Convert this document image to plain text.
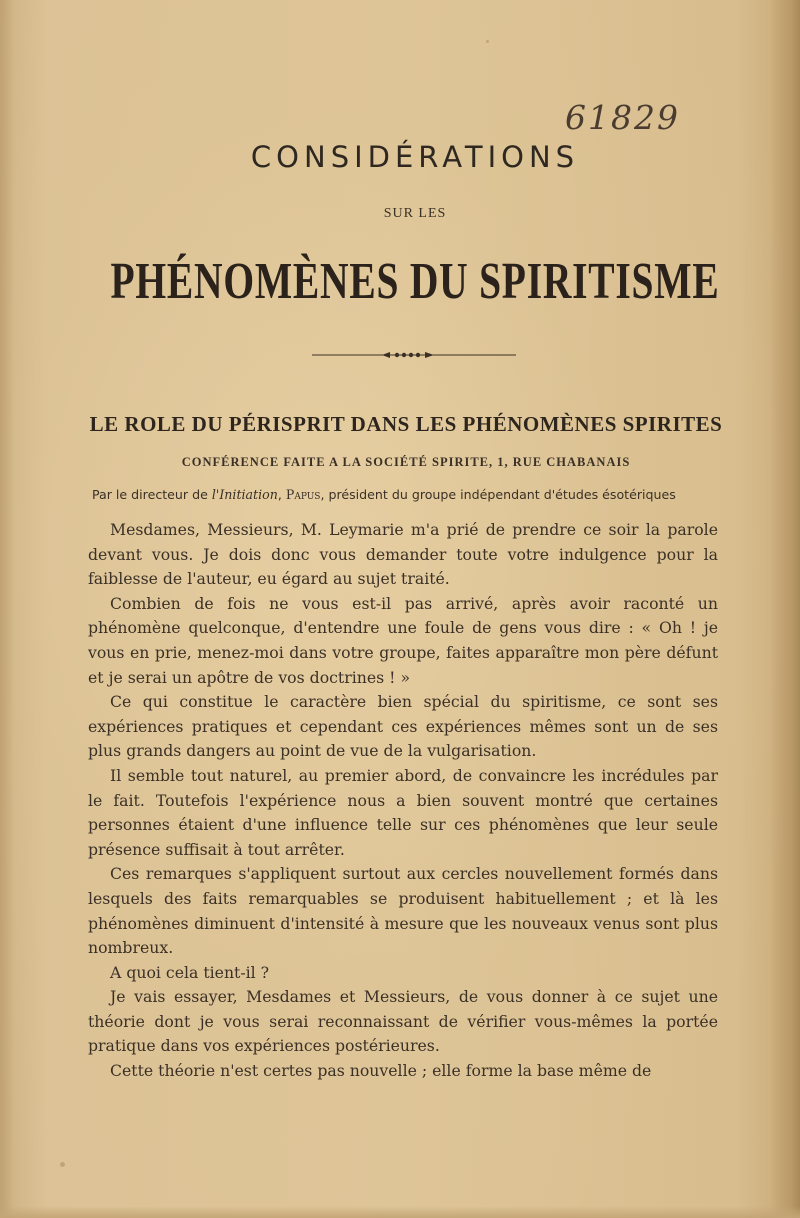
61829
CONSIDÉRATIONS
SUR LES
PHÉNOMÈNES DU SPIRITISME
LE ROLE DU PÉRISPRIT DANS LES PHÉNOMÈNES SPIRITES
CONFÉRENCE FAITE A LA SOCIÉTÉ SPIRITE, 1, RUE CHABANAIS
Par le directeur de l'Initiation, Papus, président du groupe indépendant d'études ésotériques

Mesdames, Messieurs, M. Leymarie m'a prié de prendre ce soir la parole devant vous. Je dois donc vous demander toute votre indulgence pour la faiblesse de l'auteur, eu égard au sujet traité.

Combien de fois ne vous est-il pas arrivé, après avoir raconté un phénomène quelconque, d'entendre une foule de gens vous dire : « Oh ! je vous en prie, menez-moi dans votre groupe, faites apparaître mon père défunt et je serai un apôtre de vos doctrines ! »

Ce qui constitue le caractère bien spécial du spiritisme, ce sont ses expériences pratiques et cependant ces expériences mêmes sont un de ses plus grands dangers au point de vue de la vulgarisation.

Il semble tout naturel, au premier abord, de convaincre les incrédules par le fait. Toutefois l'expérience nous a bien souvent montré que certaines personnes étaient d'une influence telle sur ces phénomènes que leur seule présence suffisait à tout arrêter.

Ces remarques s'appliquent surtout aux cercles nouvellement formés dans lesquels des faits remarquables se produisent habituellement ; et là les phénomènes diminuent d'intensité à mesure que les nouveaux venus sont plus nombreux.

A quoi cela tient-il ?

Je vais essayer, Mesdames et Messieurs, de vous donner à ce sujet une théorie dont je vous serai reconnaissant de vérifier vous-mêmes la portée pratique dans vos expériences postérieures.

Cette théorie n'est certes pas nouvelle ; elle forme la base même de
